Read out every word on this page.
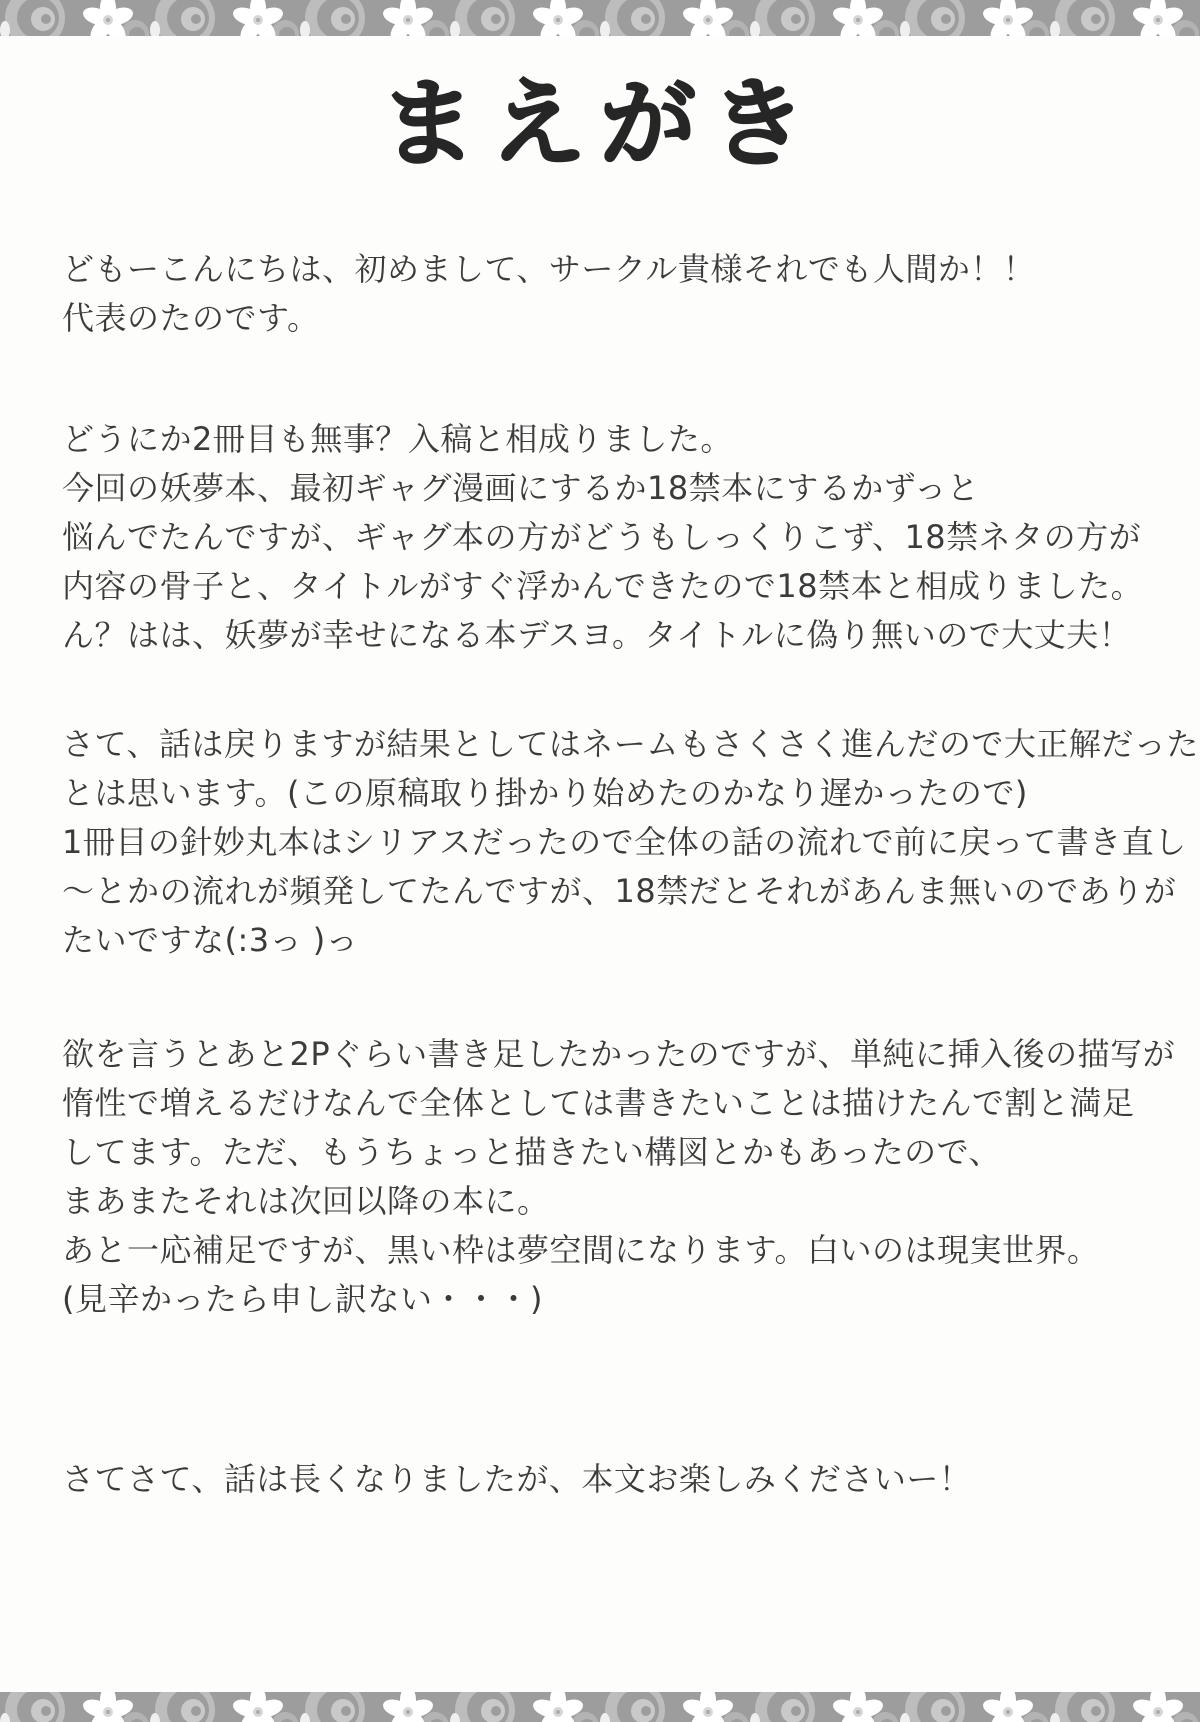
まえがき

どもーこんにちは、初めまして、サークル貴様それでも人間か！！
代表のたのです。

どうにか2冊目も無事？入稿と相成りました。
今回の妖夢本、最初ギャグ漫画にするか18禁本にするかずっと
悩んでたんですが、ギャグ本の方がどうもしっくりこず、18禁ネタの方が
内容の骨子と、タイトルがすぐ浮かんできたので18禁本と相成りました。
ん？はは、妖夢が幸せになる本デスヨ。タイトルに偽り無いので大丈夫！

さて、話は戻りますが結果としてはネームもさくさく進んだので大正解だった
とは思います。(この原稿取り掛かり始めたのかなり遅かったので)
1冊目の針妙丸本はシリアスだったので全体の話の流れで前に戻って書き直し
〜とかの流れが頻発してたんですが、18禁だとそれがあんま無いのでありが
たいですな(:3っ )っ

欲を言うとあと2Pぐらい書き足したかったのですが、単純に挿入後の描写が
惰性で増えるだけなんで全体としては書きたいことは描けたんで割と満足
してます。ただ、もうちょっと描きたい構図とかもあったので、
まあまたそれは次回以降の本に。
あと一応補足ですが、黒い枠は夢空間になります。白いのは現実世界。
(見辛かったら申し訳ない・・・)

さてさて、話は長くなりましたが、本文お楽しみくださいー！
